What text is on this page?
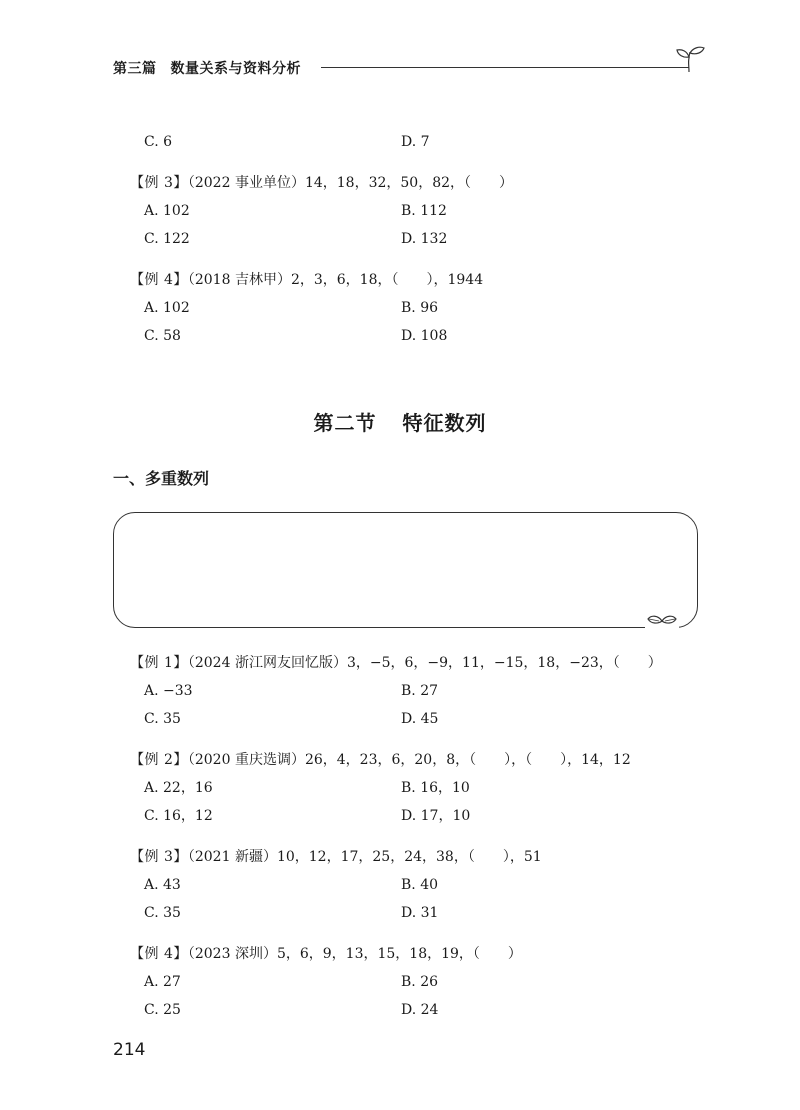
第三篇 数量关系与资料分析
C. 6	D. 7
【例 3】（2022 事业单位）14，18，32，50，82，（　　）
A. 102	B. 112
C. 122	D. 132
【例 4】（2018 吉林甲）2，3，6，18，（　　），1944
A. 102	B. 96
C. 58	D. 108
第二节 特征数列
一、多重数列
【例 1】（2024 浙江网友回忆版）3，−5，6，−9，11，−15，18，−23，（　　）
A. −33	B. 27
C. 35	D. 45
【例 2】（2020 重庆选调）26，4，23，6，20，8，（　　），（　　），14，12
A. 22，16	B. 16，10
C. 16，12	D. 17，10
【例 3】（2021 新疆）10，12，17，25，24，38，（　　），51
A. 43	B. 40
C. 35	D. 31
【例 4】（2023 深圳）5，6，9，13，15，18，19，（　　）
A. 27	B. 26
C. 25	D. 24
214
